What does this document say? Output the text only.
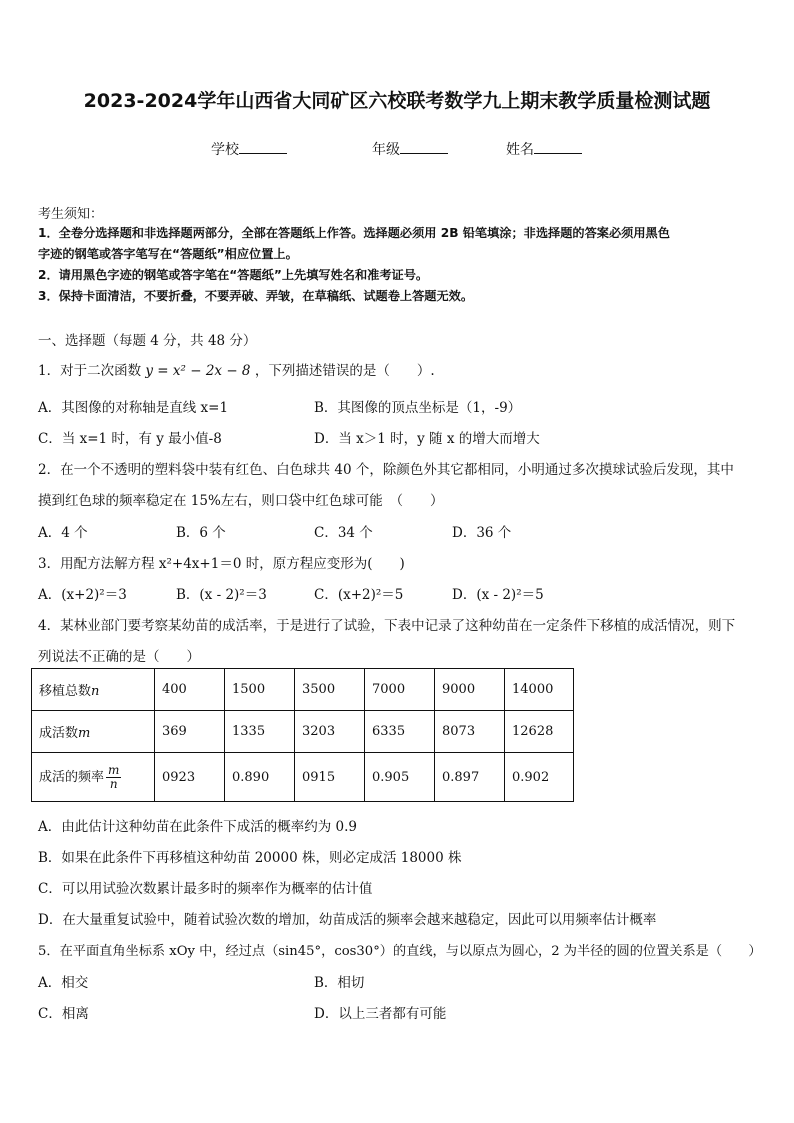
2023-2024学年山西省大同矿区六校联考数学九上期末教学质量检测试题
学校	年级	姓名
考生须知：
1．全卷分选择题和非选择题两部分，全部在答题纸上作答。选择题必须用 2B 铅笔填涂；非选择题的答案必须用黑色
字迹的钢笔或答字笔写在“答题纸”相应位置上。
2．请用黑色字迹的钢笔或答字笔在“答题纸”上先填写姓名和准考证号。
3．保持卡面清洁，不要折叠，不要弄破、弄皱，在草稿纸、试题卷上答题无效。
一、选择题（每题 4 分，共 48 分）
1．对于二次函数 y = x² − 2x − 8 ，下列描述错误的是（　　）.
A．其图像的对称轴是直线 x=1	B．其图像的顶点坐标是（1，-9）
C．当 x=1 时，有 y 最小值-8	D．当 x＞1 时，y 随 x 的增大而增大
2．在一个不透明的塑料袋中装有红色、白色球共 40 个，除颜色外其它都相同，小明通过多次摸球试验后发现，其中
摸到红色球的频率稳定在 15%左右，则口袋中红色球可能　（　　）
A．4 个	B．6 个	C．34 个	D．36 个
3．用配方法解方程 x²+4x+1＝0 时，原方程应变形为(　　)
A．(x+2)²＝3	B．(x - 2)²＝3	C．(x+2)²＝5	D．(x - 2)²＝5
4．某林业部门要考察某幼苗的成活率，于是进行了试验，下表中记录了这种幼苗在一定条件下移植的成活情况，则下
列说法不正确的是（　　）
移植总数n	400	1500	3500	7000	9000	14000
成活数m	369	1335	3203	6335	8073	12628
成活的频率 $\frac{m}{n}$	0923	0.890	0915	0.905	0.897	0.902
A．由此估计这种幼苗在此条件下成活的概率约为 0.9
B．如果在此条件下再移植这种幼苗 20000 株，则必定成活 18000 株
C．可以用试验次数累计最多时的频率作为概率的估计值
D．在大量重复试验中，随着试验次数的增加，幼苗成活的频率会越来越稳定，因此可以用频率估计概率
5．在平面直角坐标系 xOy 中，经过点（sin45°，cos30°）的直线，与以原点为圆心，2 为半径的圆的位置关系是（　　）
A．相交	B．相切
C．相离	D．以上三者都有可能
